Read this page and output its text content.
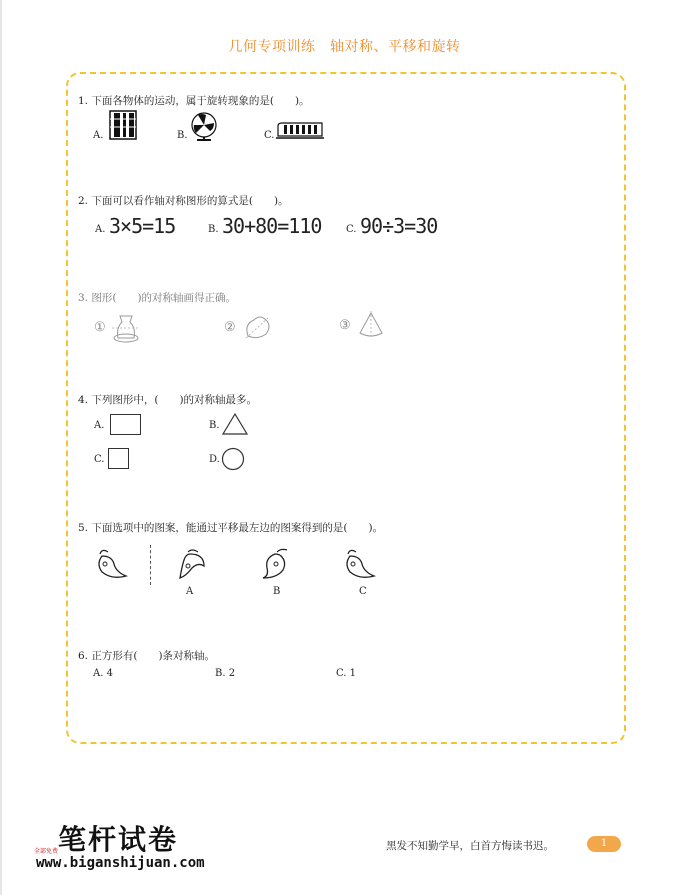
几何专项训练　轴对称、平移和旋转
1. 下面各物体的运动，属于旋转现象的是(　　)。
A.	B.	C.
2. 下面可以看作轴对称图形的算式是(　　)。
A. 3×5=15	B. 30+80=110 C. 90÷3=30
3. 图形(　　)的对称轴画得正确。
①	②	③
4. 下列图形中，(　　)的对称轴最多。
A.	B.
C.	D.
5. 下面选项中的图案，能通过平移最左边的图案得到的是(　　)。
A	B	C
6. 正方形有(　　)条对称轴。
A. 4	B. 2	C. 1
笔杆试卷
全部免费
www.biganshijuan.com
黑发不知勤学早，白首方悔读书迟。	1
